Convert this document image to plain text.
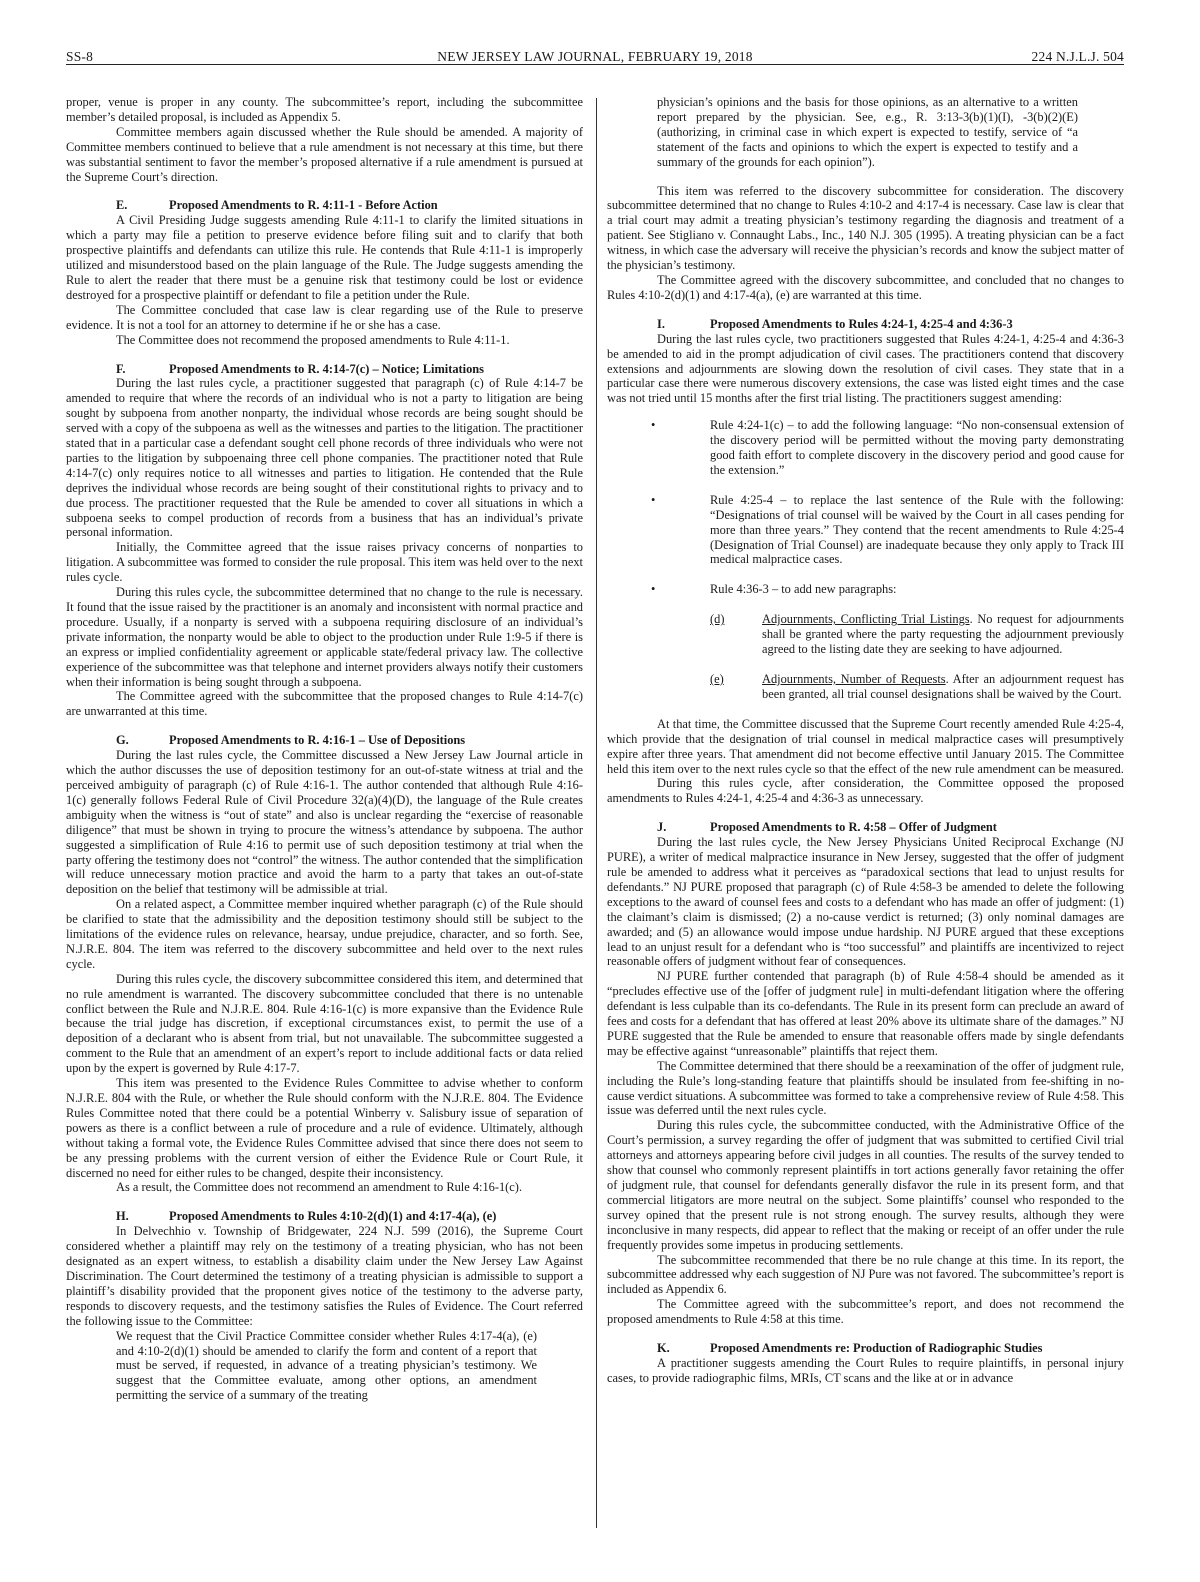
SS-8	NEW JERSEY LAW JOURNAL, FEBRUARY 19, 2018	224 N.J.L.J. 504

proper, venue is proper in any county. The subcommittee’s report, including the subcommittee member’s detailed proposal, is included as Appendix 5.

Committee members again discussed whether the Rule should be amended. A majority of Committee members continued to believe that a rule amendment is not necessary at this time, but there was substantial sentiment to favor the member’s proposed alternative if a rule amendment is pursued at the Supreme Court’s direction.

E.	Proposed Amendments to R. 4:11-1 - Before Action

A Civil Presiding Judge suggests amending Rule 4:11-1 to clarify the limited situations in which a party may file a petition to preserve evidence before filing suit and to clarify that both prospective plaintiffs and defendants can utilize this rule. He contends that Rule 4:11-1 is improperly utilized and misunderstood based on the plain language of the Rule. The Judge suggests amending the Rule to alert the reader that there must be a genuine risk that testimony could be lost or evidence destroyed for a prospective plaintiff or defendant to file a petition under the Rule.

The Committee concluded that case law is clear regarding use of the Rule to preserve evidence. It is not a tool for an attorney to determine if he or she has a case.

The Committee does not recommend the proposed amendments to Rule 4:11-1.

F.	Proposed Amendments to R. 4:14-7(c) – Notice; Limitations

During the last rules cycle, a practitioner suggested that paragraph (c) of Rule 4:14-7 be amended to require that where the records of an individual who is not a party to litigation are being sought by subpoena from another nonparty, the individual whose records are being sought should be served with a copy of the subpoena as well as the witnesses and parties to the litigation. The practitioner stated that in a particular case a defendant sought cell phone records of three individuals who were not parties to the litigation by subpoenaing three cell phone companies. The practitioner noted that Rule 4:14-7(c) only requires notice to all witnesses and parties to litigation. He contended that the Rule deprives the individual whose records are being sought of their constitutional rights to privacy and to due process. The practitioner requested that the Rule be amended to cover all situations in which a subpoena seeks to compel production of records from a business that has an individual’s private personal information.

Initially, the Committee agreed that the issue raises privacy concerns of nonparties to litigation. A subcommittee was formed to consider the rule proposal. This item was held over to the next rules cycle.

During this rules cycle, the subcommittee determined that no change to the rule is necessary. It found that the issue raised by the practitioner is an anomaly and inconsistent with normal practice and procedure. Usually, if a nonparty is served with a subpoena requiring disclosure of an individual’s private information, the nonparty would be able to object to the production under Rule 1:9-5 if there is an express or implied confidentiality agreement or applicable state/federal privacy law. The collective experience of the subcommittee was that telephone and internet providers always notify their customers when their information is being sought through a subpoena.

The Committee agreed with the subcommittee that the proposed changes to Rule 4:14-7(c) are unwarranted at this time.

G.	Proposed Amendments to R. 4:16-1 – Use of Depositions

During the last rules cycle, the Committee discussed a New Jersey Law Journal article in which the author discusses the use of deposition testimony for an out-of-state witness at trial and the perceived ambiguity of paragraph (c) of Rule 4:16-1. The author contended that although Rule 4:16-1(c) generally follows Federal Rule of Civil Procedure 32(a)(4)(D), the language of the Rule creates ambiguity when the witness is “out of state” and also is unclear regarding the “exercise of reasonable diligence” that must be shown in trying to procure the witness’s attendance by subpoena. The author suggested a simplification of Rule 4:16 to permit use of such deposition testimony at trial when the party offering the testimony does not “control” the witness. The author contended that the simplification will reduce unnecessary motion practice and avoid the harm to a party that takes an out-of-state deposition on the belief that testimony will be admissible at trial.

On a related aspect, a Committee member inquired whether paragraph (c) of the Rule should be clarified to state that the admissibility and the deposition testimony should still be subject to the limitations of the evidence rules on relevance, hearsay, undue prejudice, character, and so forth. See, N.J.R.E. 804. The item was referred to the discovery subcommittee and held over to the next rules cycle.

During this rules cycle, the discovery subcommittee considered this item, and determined that no rule amendment is warranted. The discovery subcommittee concluded that there is no untenable conflict between the Rule and N.J.R.E. 804. Rule 4:16-1(c) is more expansive than the Evidence Rule because the trial judge has discretion, if exceptional circumstances exist, to permit the use of a deposition of a declarant who is absent from trial, but not unavailable. The subcommittee suggested a comment to the Rule that an amendment of an expert’s report to include additional facts or data relied upon by the expert is governed by Rule 4:17-7.

This item was presented to the Evidence Rules Committee to advise whether to conform N.J.R.E. 804 with the Rule, or whether the Rule should conform with the N.J.R.E. 804. The Evidence Rules Committee noted that there could be a potential Winberry v. Salisbury issue of separation of powers as there is a conflict between a rule of procedure and a rule of evidence. Ultimately, although without taking a formal vote, the Evidence Rules Committee advised that since there does not seem to be any pressing problems with the current version of either the Evidence Rule or Court Rule, it discerned no need for either rules to be changed, despite their inconsistency.

As a result, the Committee does not recommend an amendment to Rule 4:16-1(c).

H.	Proposed Amendments to Rules 4:10-2(d)(1) and 4:17-4(a), (e)

In Delvechhio v. Township of Bridgewater, 224 N.J. 599 (2016), the Supreme Court considered whether a plaintiff may rely on the testimony of a treating physician, who has not been designated as an expert witness, to establish a disability claim under the New Jersey Law Against Discrimination. The Court determined the testimony of a treating physician is admissible to support a plaintiff’s disability provided that the proponent gives notice of the testimony to the adverse party, responds to discovery requests, and the testimony satisfies the Rules of Evidence. The Court referred the following issue to the Committee:

We request that the Civil Practice Committee consider whether Rules 4:17-4(a), (e) and 4:10-2(d)(1) should be amended to clarify the form and content of a report that must be served, if requested, in advance of a treating physician’s testimony. We suggest that the Committee evaluate, among other options, an amendment permitting the service of a summary of the treating

physician’s opinions and the basis for those opinions, as an alternative to a written report prepared by the physician. See, e.g., R. 3:13-3(b)(1)(I), -3(b)(2)(E) (authorizing, in criminal case in which expert is expected to testify, service of “a statement of the facts and opinions to which the expert is expected to testify and a summary of the grounds for each opinion”).

This item was referred to the discovery subcommittee for consideration. The discovery subcommittee determined that no change to Rules 4:10-2 and 4:17-4 is necessary. Case law is clear that a trial court may admit a treating physician’s testimony regarding the diagnosis and treatment of a patient. See Stigliano v. Connaught Labs., Inc., 140 N.J. 305 (1995). A treating physician can be a fact witness, in which case the adversary will receive the physician’s records and know the subject matter of the physician’s testimony.

The Committee agreed with the discovery subcommittee, and concluded that no changes to Rules 4:10-2(d)(1) and 4:17-4(a), (e) are warranted at this time.

I.	Proposed Amendments to Rules 4:24-1, 4:25-4 and 4:36-3

During the last rules cycle, two practitioners suggested that Rules 4:24-1, 4:25-4 and 4:36-3 be amended to aid in the prompt adjudication of civil cases. The practitioners contend that discovery extensions and adjournments are slowing down the resolution of civil cases. They state that in a particular case there were numerous discovery extensions, the case was listed eight times and the case was not tried until 15 months after the first trial listing. The practitioners suggest amending:

•	Rule 4:24-1(c) – to add the following language: “No non-consensual extension of the discovery period will be permitted without the moving party demonstrating good faith effort to complete discovery in the discovery period and good cause for the extension.”
•	Rule 4:25-4 – to replace the last sentence of the Rule with the following: “Designations of trial counsel will be waived by the Court in all cases pending for more than three years.” They contend that the recent amendments to Rule 4:25-4 (Designation of Trial Counsel) are inadequate because they only apply to Track III medical malpractice cases.
•	Rule 4:36-3 – to add new paragraphs:
(d)	Adjournments, Conflicting Trial Listings. No request for adjournments shall be granted where the party requesting the adjournment previously agreed to the listing date they are seeking to have adjourned.
(e)	Adjournments, Number of Requests. After an adjournment request has been granted, all trial counsel designations shall be waived by the Court.

At that time, the Committee discussed that the Supreme Court recently amended Rule 4:25-4, which provide that the designation of trial counsel in medical malpractice cases will presumptively expire after three years. That amendment did not become effective until January 2015. The Committee held this item over to the next rules cycle so that the effect of the new rule amendment can be measured.

During this rules cycle, after consideration, the Committee opposed the proposed amendments to Rules 4:24-1, 4:25-4 and 4:36-3 as unnecessary.

J.	Proposed Amendments to R. 4:58 – Offer of Judgment

During the last rules cycle, the New Jersey Physicians United Reciprocal Exchange (NJ PURE), a writer of medical malpractice insurance in New Jersey, suggested that the offer of judgment rule be amended to address what it perceives as “paradoxical sections that lead to unjust results for defendants.” NJ PURE proposed that paragraph (c) of Rule 4:58-3 be amended to delete the following exceptions to the award of counsel fees and costs to a defendant who has made an offer of judgment: (1) the claimant’s claim is dismissed; (2) a no-cause verdict is returned; (3) only nominal damages are awarded; and (5) an allowance would impose undue hardship. NJ PURE argued that these exceptions lead to an unjust result for a defendant who is “too successful” and plaintiffs are incentivized to reject reasonable offers of judgment without fear of consequences.

NJ PURE further contended that paragraph (b) of Rule 4:58-4 should be amended as it “precludes effective use of the [offer of judgment rule] in multi-defendant litigation where the offering defendant is less culpable than its co-defendants. The Rule in its present form can preclude an award of fees and costs for a defendant that has offered at least 20% above its ultimate share of the damages.” NJ PURE suggested that the Rule be amended to ensure that reasonable offers made by single defendants may be effective against “unreasonable” plaintiffs that reject them.

The Committee determined that there should be a reexamination of the offer of judgment rule, including the Rule’s long-standing feature that plaintiffs should be insulated from fee-shifting in no-cause verdict situations. A subcommittee was formed to take a comprehensive review of Rule 4:58. This issue was deferred until the next rules cycle.

During this rules cycle, the subcommittee conducted, with the Administrative Office of the Court’s permission, a survey regarding the offer of judgment that was submitted to certified Civil trial attorneys and attorneys appearing before civil judges in all counties. The results of the survey tended to show that counsel who commonly represent plaintiffs in tort actions generally favor retaining the offer of judgment rule, that counsel for defendants generally disfavor the rule in its present form, and that commercial litigators are more neutral on the subject. Some plaintiffs’ counsel who responded to the survey opined that the present rule is not strong enough. The survey results, although they were inconclusive in many respects, did appear to reflect that the making or receipt of an offer under the rule frequently provides some impetus in producing settlements.

The subcommittee recommended that there be no rule change at this time. In its report, the subcommittee addressed why each suggestion of NJ Pure was not favored. The subcommittee’s report is included as Appendix 6.

The Committee agreed with the subcommittee’s report, and does not recommend the proposed amendments to Rule 4:58 at this time.

K.	Proposed Amendments re: Production of Radiographic Studies

A practitioner suggests amending the Court Rules to require plaintiffs, in personal injury cases, to provide radiographic films, MRIs, CT scans and the like at or in advance
